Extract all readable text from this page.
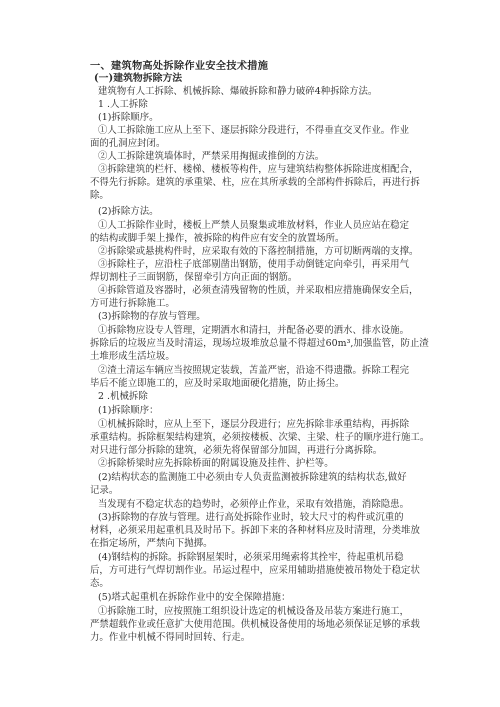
一、建筑物高处拆除作业安全技术措施
(一)建筑物拆除方法
建筑物有人工拆除、机械拆除、爆破拆除和静力破碎4种拆除方法。
1 .人工拆除
(1)拆除顺序。
①人工拆除施工应从上至下、逐层拆除分段进行，不得垂直交叉作业。作业
面的孔洞应封闭。
②人工拆除建筑墙体时，严禁采用掏掘或推倒的方法。
③拆除建筑的栏杆、楼梯、楼板等构件，应与建筑结构整体拆除进度相配合，
不得先行拆除。建筑的承重梁、柱，应在其所承载的全部构件拆除后，再进行拆
除。
(2)拆除方法。
①人工拆除作业时，楼板上严禁人员聚集或堆放材料，作业人员应站在稳定
的结构或脚手架上操作，被拆除的构件应有安全的放置场所。
②拆除梁或悬挑构件时，应采取有效的下落控制措施，方可切断两端的支撑。
③拆除柱子，应沿柱子底部剔凿出钢筋，使用手动倒链定向牵引，再采用气
焊切割柱子三面钢筋，保留牵引方向正面的钢筋。
④拆除管道及容器时，必须查清残留物的性质，并采取相应措施确保安全后，
方可进行拆除施工。
(3)拆除物的存放与管理。
①拆除物应设专人管理，定期洒水和清扫，并配备必要的洒水、排水设施。
拆除后的垃圾应当及时清运，现场垃圾堆放总量不得超过60m³,加强监管，防止渣
土堆形成生活垃圾。
②渣土清运车辆应当按照规定装载，苫盖严密，沿途不得遗撒。拆除工程完
毕后不能立即施工的，应及时采取地面硬化措施，防止扬尘。
2 .机械拆除
(1)拆除顺序：
①机械拆除时，应从上至下，逐层分段进行；应先拆除非承重结构，再拆除
承重结构。拆除框架结构建筑，必须按楼板、次梁、主梁、柱子的顺序进行施工。
对只进行部分拆除的建筑，必须先将保留部分加固，再进行分离拆除。
②拆除桥梁时应先拆除桥面的附属设施及挂件、护栏等。
(2)结构状态的监测施工中必须由专人负责监测被拆除建筑的结构状态,做好
记录。
当发现有不稳定状态的趋势时，必须停止作业，采取有效措施，消除隐患。
(3)拆除物的存放与管理。进行高处拆除作业时，较大尺寸的构件或沉重的
材料，必须采用起重机具及时吊下。拆卸下来的各种材料应及时清理，分类堆放
在指定场所，严禁向下抛掷。
(4)钢结构的拆除。拆除钢屋架时，必须采用绳索将其拴牢，待起重机吊稳
后，方可进行气焊切割作业。吊运过程中，应采用辅助措施使被吊物处于稳定状
态。
(5)塔式起重机在拆除作业中的安全保障措施：
①拆除施工时，应按照施工组织设计选定的机械设备及吊装方案进行施工，
严禁超载作业或任意扩大使用范围。供机械设备使用的场地必须保证足够的承载
力。作业中机械不得同时回转、行走。
